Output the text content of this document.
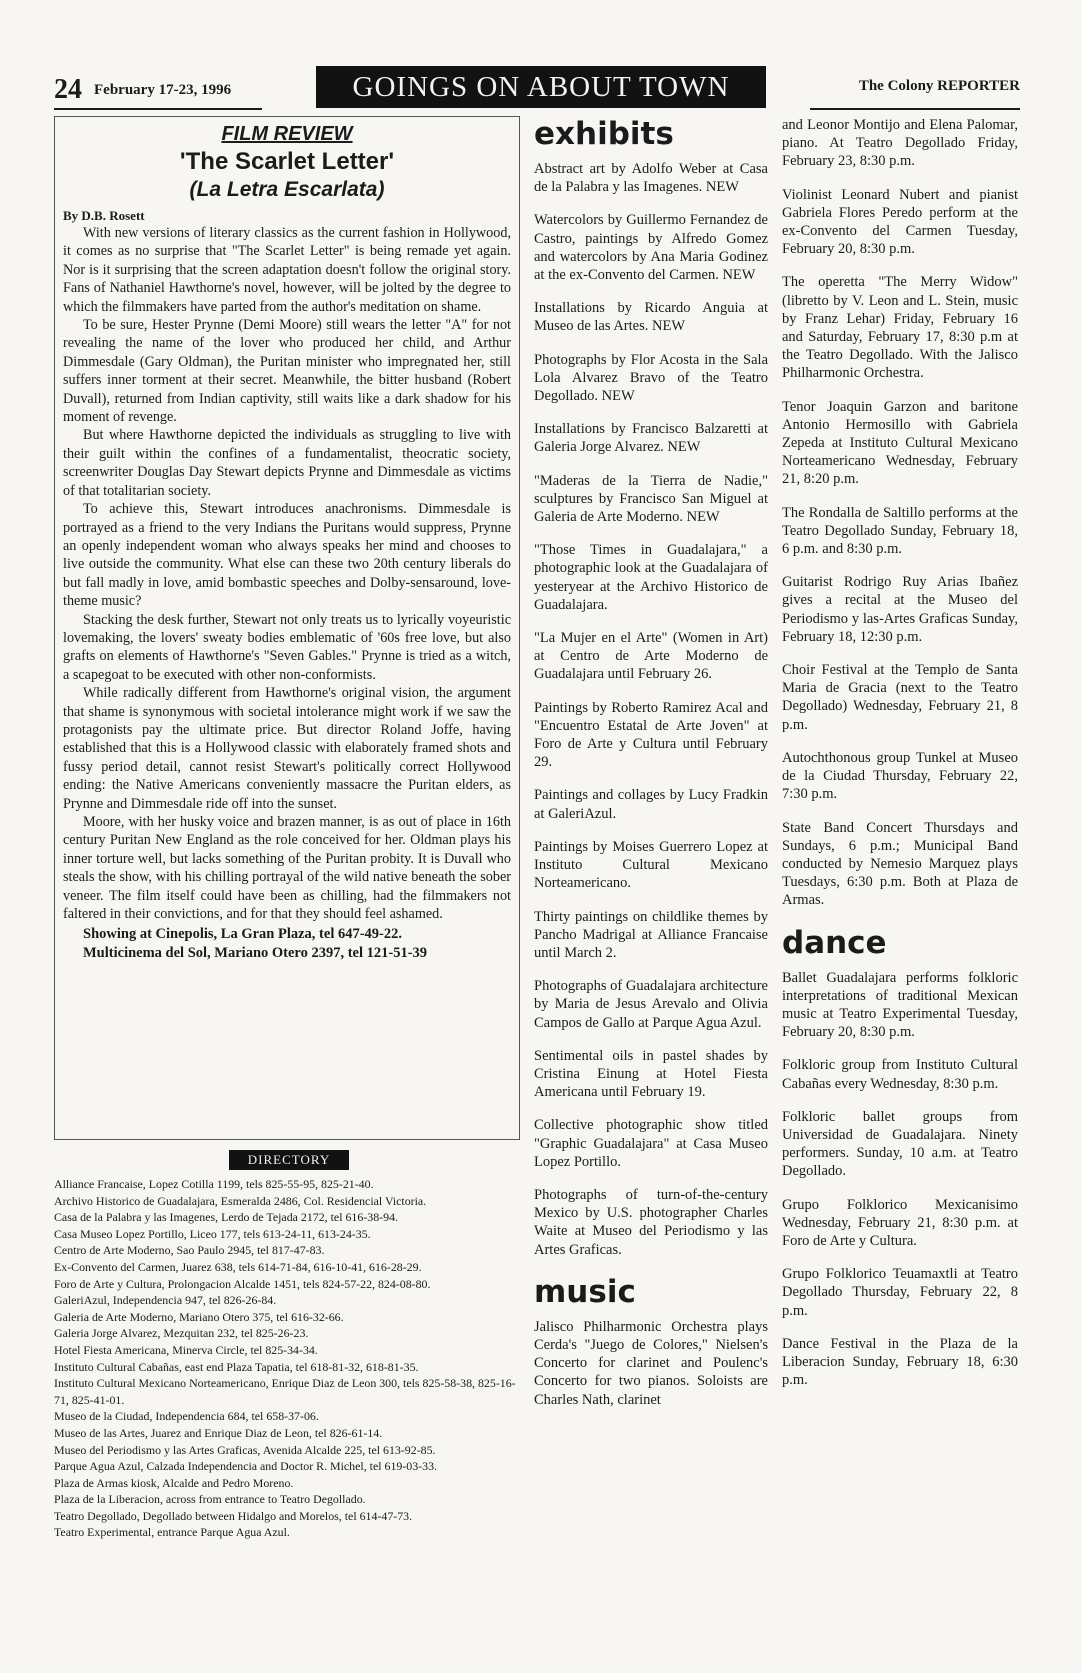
24 February 17-23, 1996	GOINGS ON ABOUT TOWN	The Colony REPORTER
FILM REVIEW
'The Scarlet Letter'
(La Letra Escarlata)
By D.B. Rosett

With new versions of literary classics as the current fashion in Hollywood, it comes as no surprise that "The Scarlet Letter" is being remade yet again. Nor is it surprising that the screen adaptation doesn't follow the original story. Fans of Nathaniel Hawthorne's novel, however, will be jolted by the degree to which the filmmakers have parted from the author's meditation on shame.

To be sure, Hester Prynne (Demi Moore) still wears the letter "A" for not revealing the name of the lover who produced her child, and Arthur Dimmesdale (Gary Oldman), the Puritan minister who impregnated her, still suffers inner torment at their secret. Meanwhile, the bitter husband (Robert Duvall), returned from Indian captivity, still waits like a dark shadow for his moment of revenge.

But where Hawthorne depicted the individuals as struggling to live with their guilt within the confines of a fundamentalist, theocratic society, screenwriter Douglas Day Stewart depicts Prynne and Dimmesdale as victims of that totalitarian society.

To achieve this, Stewart introduces anachronisms. Dimmesdale is portrayed as a friend to the very Indians the Puritans would suppress, Prynne an openly independent woman who always speaks her mind and chooses to live outside the community. What else can these two 20th century liberals do but fall madly in love, amid bombastic speeches and Dolby-sensaround, love-theme music?

Stacking the desk further, Stewart not only treats us to lyrically voyeuristic lovemaking, the lovers' sweaty bodies emblematic of '60s free love, but also grafts on elements of Hawthorne's "Seven Gables." Prynne is tried as a witch, a scapegoat to be executed with other non-conformists.

While radically different from Hawthorne's original vision, the argument that shame is synonymous with societal intolerance might work if we saw the protagonists pay the ultimate price. But director Roland Joffe, having established that this is a Hollywood classic with elaborately framed shots and fussy period detail, cannot resist Stewart's politically correct Hollywood ending: the Native Americans conveniently massacre the Puritan elders, as Prynne and Dimmesdale ride off into the sunset.

Moore, with her husky voice and brazen manner, is as out of place in 16th century Puritan New England as the role conceived for her. Oldman plays his inner torture well, but lacks something of the Puritan probity. It is Duvall who steals the show, with his chilling portrayal of the wild native beneath the sober veneer. The film itself could have been as chilling, had the filmmakers not faltered in their convictions, and for that they should feel ashamed.

Showing at Cinepolis, La Gran Plaza, tel 647-49-22.
Multicinema del Sol, Mariano Otero 2397, tel 121-51-39
DIRECTORY
Alliance Francaise, Lopez Cotilla 1199, tels 825-55-95, 825-21-40.
Archivo Historico de Guadalajara, Esmeralda 2486, Col. Residencial Victoria.
Casa de la Palabra y las Imagenes, Lerdo de Tejada 2172, tel 616-38-94.
Casa Museo Lopez Portillo, Liceo 177, tels 613-24-11, 613-24-35.
Centro de Arte Moderno, Sao Paulo 2945, tel 817-47-83.
Ex-Convento del Carmen, Juarez 638, tels 614-71-84, 616-10-41, 616-28-29.
Foro de Arte y Cultura, Prolongacion Alcalde 1451, tels 824-57-22, 824-08-80.
GaleriAzul, Independencia 947, tel 826-26-84.
Galeria de Arte Moderno, Mariano Otero 375, tel 616-32-66.
Galeria Jorge Alvarez, Mezquitan 232, tel 825-26-23.
Hotel Fiesta Americana, Minerva Circle, tel 825-34-34.
Instituto Cultural Cabañas, east end Plaza Tapatia, tel 618-81-32, 618-81-35.
Instituto Cultural Mexicano Norteamericano, Enrique Diaz de Leon 300, tels 825-58-38, 825-16-71, 825-41-01.
Museo de la Ciudad, Independencia 684, tel 658-37-06.
Museo de las Artes, Juarez and Enrique Diaz de Leon, tel 826-61-14.
Museo del Periodismo y las Artes Graficas, Avenida Alcalde 225, tel 613-92-85.
Parque Agua Azul, Calzada Independencia and Doctor R. Michel, tel 619-03-33.
Plaza de Armas kiosk, Alcalde and Pedro Moreno.
Plaza de la Liberacion, across from entrance to Teatro Degollado.
Teatro Degollado, Degollado between Hidalgo and Morelos, tel 614-47-73.
Teatro Experimental, entrance Parque Agua Azul.
exhibits

Abstract art by Adolfo Weber at Casa de la Palabra y las Imagenes. NEW

Watercolors by Guillermo Fernandez de Castro, paintings by Alfredo Gomez and watercolors by Ana Maria Godinez at the ex-Convento del Carmen. NEW

Installations by Ricardo Anguia at Museo de las Artes. NEW

Photographs by Flor Acosta in the Sala Lola Alvarez Bravo of the Teatro Degollado. NEW

Installations by Francisco Balzaretti at Galeria Jorge Alvarez. NEW

"Maderas de la Tierra de Nadie," sculptures by Francisco San Miguel at Galeria de Arte Moderno. NEW

"Those Times in Guadalajara," a photographic look at the Guadalajara of yesteryear at the Archivo Historico de Guadalajara.

"La Mujer en el Arte" (Women in Art) at Centro de Arte Moderno de Guadalajara until February 26.

Paintings by Roberto Ramirez Acal and "Encuentro Estatal de Arte Joven" at Foro de Arte y Cultura until February 29.

Paintings and collages by Lucy Fradkin at GaleriAzul.

Paintings by Moises Guerrero Lopez at Instituto Cultural Mexicano Norteamericano.

Thirty paintings on childlike themes by Pancho Madrigal at Alliance Francaise until March 2.

Photographs of Guadalajara architecture by Maria de Jesus Arevalo and Olivia Campos de Gallo at Parque Agua Azul.

Sentimental oils in pastel shades by Cristina Einung at Hotel Fiesta Americana until February 19.

Collective photographic show titled "Graphic Guadalajara" at Casa Museo Lopez Portillo.

Photographs of turn-of-the-century Mexico by U.S. photographer Charles Waite at Museo del Periodismo y las Artes Graficas.

music

Jalisco Philharmonic Orchestra plays Cerda's "Juego de Colores," Nielsen's Concerto for clarinet and Poulenc's Concerto for two pianos. Soloists are Charles Nath, clarinet

and Leonor Montijo and Elena Palomar, piano. At Teatro Degollado Friday, February 23, 8:30 p.m.

Violinist Leonard Nubert and pianist Gabriela Flores Peredo perform at the ex-Convento del Carmen Tuesday, February 20, 8:30 p.m.

The operetta "The Merry Widow"(libretto by V. Leon and L. Stein, music by Franz Lehar) Friday, February 16 and Saturday, February 17, 8:30 p.m at the Teatro Degollado. With the Jalisco Philharmonic Orchestra.

Tenor Joaquin Garzon and baritone Antonio Hermosillo with Gabriela Zepeda at Instituto Cultural Mexicano Norteamericano Wednesday, February 21, 8:20 p.m.

The Rondalla de Saltillo performs at the Teatro Degollado Sunday, February 18, 6 p.m. and 8:30 p.m.

Guitarist Rodrigo Ruy Arias Ibañez gives a recital at the Museo del Periodismo y las-Artes Graficas Sunday, February 18, 12:30 p.m.

Choir Festival at the Templo de Santa Maria de Gracia (next to the Teatro Degollado) Wednesday, February 21, 8 p.m.

Autochthonous group Tunkel at Museo de la Ciudad Thursday, February 22, 7:30 p.m.

State Band Concert Thursdays and Sundays, 6 p.m.; Municipal Band conducted by Nemesio Marquez plays Tuesdays, 6:30 p.m. Both at Plaza de Armas.

dance

Ballet Guadalajara performs folkloric interpretations of traditional Mexican music at Teatro Experimental Tuesday, February 20, 8:30 p.m.

Folkloric group from Instituto Cultural Cabañas every Wednesday, 8:30 p.m.

Folkloric ballet groups from Universidad de Guadalajara. Ninety performers. Sunday, 10 a.m. at Teatro Degollado.

Grupo Folklorico Mexicanisimo Wednesday, February 21, 8:30 p.m. at Foro de Arte y Cultura.

Grupo Folklorico Teuamaxtli at Teatro Degollado Thursday, February 22, 8 p.m.

Dance Festival in the Plaza de la Liberacion Sunday, February 18, 6:30 p.m.
